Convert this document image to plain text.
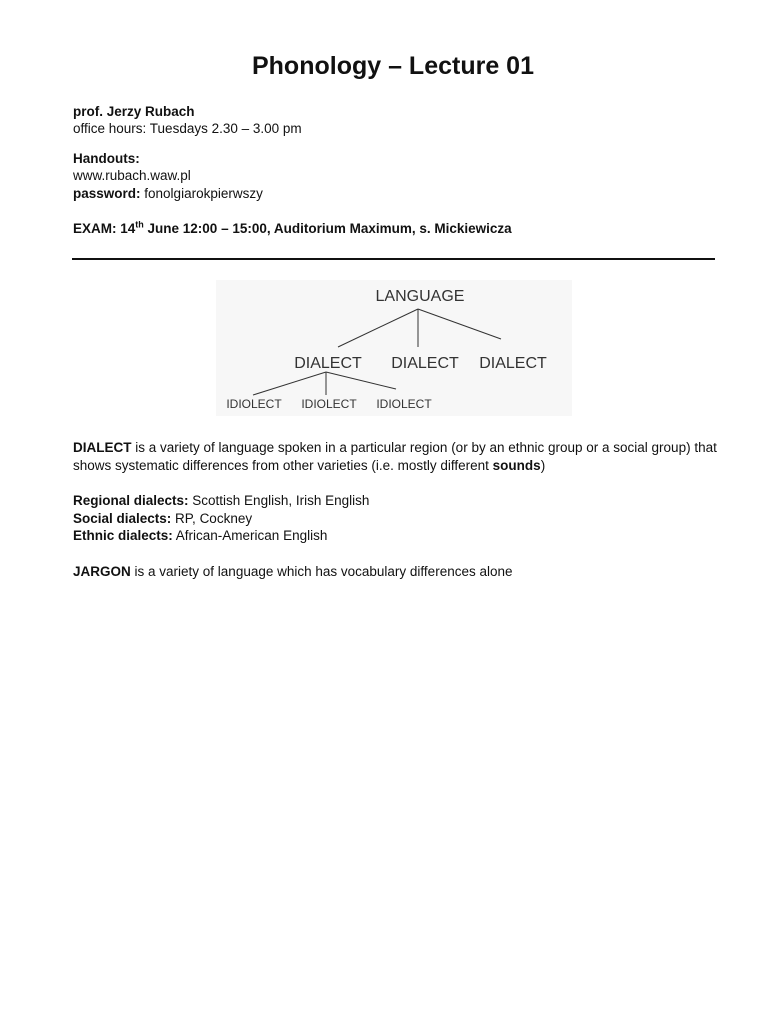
Phonology – Lecture 01
prof. Jerzy Rubach
office hours: Tuesdays 2.30 – 3.00 pm
Handouts:
www.rubach.waw.pl
password: fonolgiarokpierwszy
EXAM: 14th June 12:00 – 15:00, Auditorium Maximum, s. Mickiewicza
LANGUAGE
DIALECT DIALECT DIALECT
IDIOLECT IDIOLECT IDIOLECT
DIALECT is a variety of language spoken in a particular region (or by an ethnic group or a social group) that shows systematic differences from other varieties (i.e. mostly different sounds)
Regional dialects: Scottish English, Irish English
Social dialects: RP, Cockney
Ethnic dialects: African-American English
JARGON is a variety of language which has vocabulary differences alone
